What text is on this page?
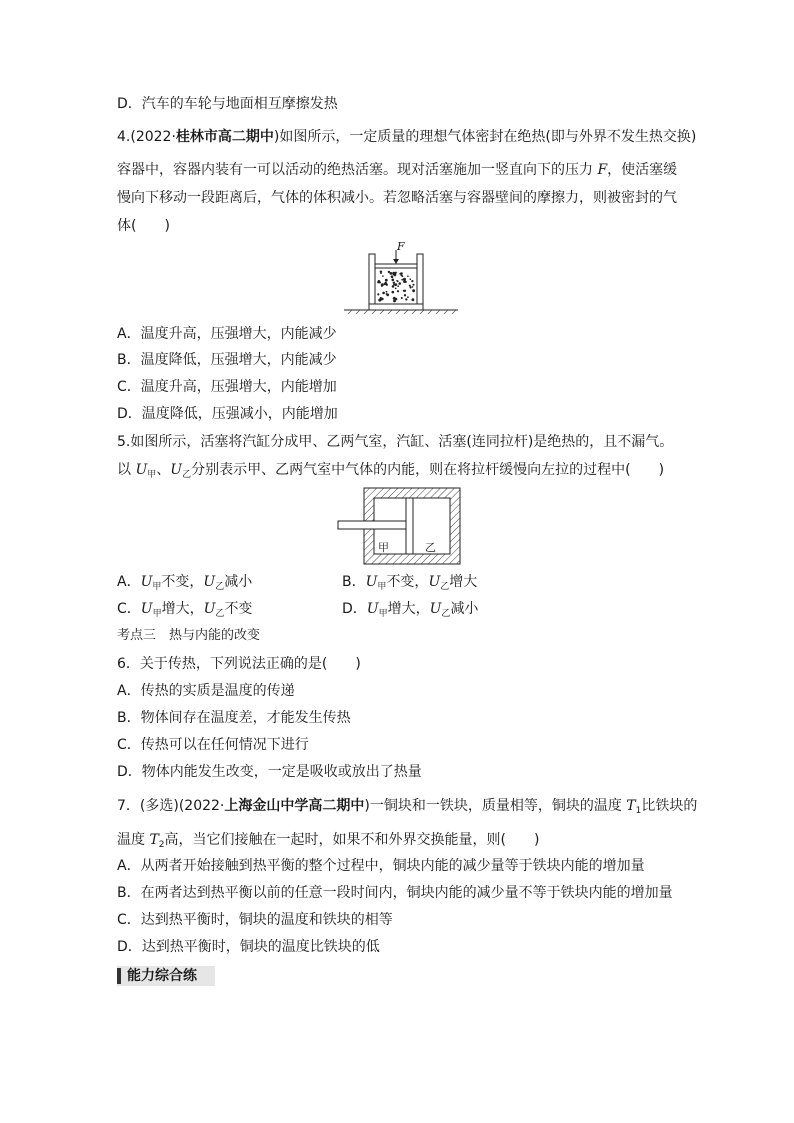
D．汽车的车轮与地面相互摩擦发热
4.(2022·桂林市高二期中)如图所示，一定质量的理想气体密封在绝热(即与外界不发生热交换)
容器中，容器内装有一可以活动的绝热活塞。现对活塞施加一竖直向下的压力 F，使活塞缓
慢向下移动一段距离后，气体的体积减小。若忽略活塞与容器壁间的摩擦力，则被密封的气
体(　　)
F
A．温度升高，压强增大，内能减少
B．温度降低，压强增大，内能减少
C．温度升高，压强增大，内能增加
D．温度降低，压强减小，内能增加
5.如图所示，活塞将汽缸分成甲、乙两气室，汽缸、活塞(连同拉杆)是绝热的，且不漏气。
以 $U_甲$、$U_乙$分别表示甲、乙两气室中气体的内能，则在将拉杆缓慢向左拉的过程中(　　)
甲	乙
A．$U_甲$不变，$U_乙$减小	B．$U_甲$不变，$U_乙$增大
C．$U_甲$增大，$U_乙$不变	D．$U_甲$增大，$U_乙$减小
考点三　热与内能的改变
6．关于传热，下列说法正确的是(　　)
A．传热的实质是温度的传递
B．物体间存在温度差，才能发生传热
C．传热可以在任何情况下进行
D．物体内能发生改变，一定是吸收或放出了热量
7．(多选)(2022·上海金山中学高二期中)一铜块和一铁块，质量相等，铜块的温度 $T_1$比铁块的
温度 $T_2$高，当它们接触在一起时，如果不和外界交换能量，则(　　)
A．从两者开始接触到热平衡的整个过程中，铜块内能的减少量等于铁块内能的增加量
B．在两者达到热平衡以前的任意一段时间内，铜块内能的减少量不等于铁块内能的增加量
C．达到热平衡时，铜块的温度和铁块的相等
D．达到热平衡时，铜块的温度比铁块的低
能力综合练
